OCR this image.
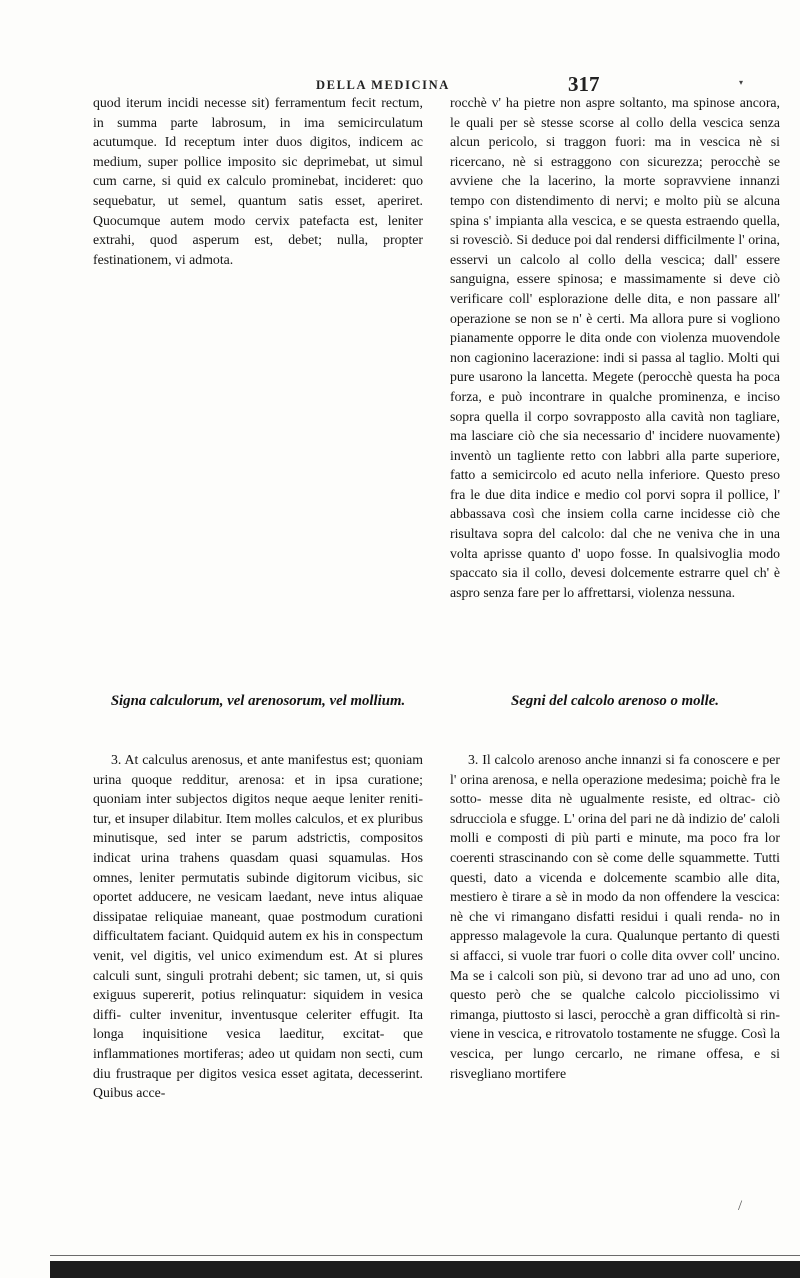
DELLA MEDICINA	317	▾

quod iterum incidi necesse sit) ferramentum fecit rectum, in summa parte labrosum, in ima semicirculatum acutumque. Id receptum inter duos digitos, indicem ac medium, super pollice imposito sic deprimebat, ut simul cum carne, si quid ex calculo prominebat, incideret: quo sequebatur, ut semel, quantum satis esset, aperiret. Quocumque autem modo cervix patefacta est, leniter extrahi, quod asperum est, debet; nulla, propter festinationem, vi admota.

Signa calculorum, vel arenosorum, vel mollium.

3. At calculus arenosus, et ante manifestus est; quoniam urina quoque redditur, arenosa: et in ipsa curatione; quoniam inter subjectos digitos neque aeque leniter reniti- tur, et insuper dilabitur. Item molles calculos, et ex pluribus minutisque, sed inter se parum adstrictis, compositos indicat urina trahens quasdam quasi squamulas. Hos omnes, leniter permutatis subinde digitorum vicibus, sic oportet adducere, ne vesicam laedant, neve intus aliquae dissipatae reliquiae maneant, quae postmodum curationi difficultatem faciant. Quidquid autem ex his in conspectum venit, vel digitis, vel unico eximendum est. At si plures calculi sunt, singuli protrahi debent; sic tamen, ut, si quis exiguus supererit, potius relinquatur: siquidem in vesica diffi- culter invenitur, inventusque celeriter effugit. Ita longa inquisitione vesica laeditur, excitat- que inflammationes mortiferas; adeo ut quidam non secti, cum diu frustraque per digitos vesica esset agitata, decesserint. Quibus acce-

rocchè v' ha pietre non aspre soltanto, ma spinose ancora, le quali per sè stesse scorse al collo della vescica senza alcun pericolo, si traggon fuori: ma in vescica nè si ricercano, nè si estraggono con sicurezza; perocchè se avviene che la lacerino, la morte sopravviene innanzi tempo con distendimento di nervi; e molto più se alcuna spina s' impianta alla vescica, e se questa estraendo quella, si rovesciò. Si deduce poi dal rendersi difficilmente l' orina, esservi un calcolo al collo della vescica; dall' essere sanguigna, essere spinosa; e massimamente si deve ciò verificare coll' esplorazione delle dita, e non passare all' operazione se non se n' è certi. Ma allora pure si vogliono pianamente opporre le dita onde con violenza muovendole non cagionino lacerazione: indi si passa al taglio. Molti qui pure usarono la lancetta. Megete (perocchè questa ha poca forza, e può incontrare in qualche prominenza, e inciso sopra quella il corpo sovrapposto alla cavità non tagliare, ma lasciare ciò che sia necessario d' incidere nuovamente) inventò un tagliente retto con labbri alla parte superiore, fatto a semicircolo ed acuto nella inferiore. Questo preso fra le due dita indice e medio col porvi sopra il pollice, l' abbassava così che insiem colla carne incidesse ciò che risultava sopra del calcolo: dal che ne veniva che in una volta aprisse quanto d' uopo fosse. In qualsivoglia modo spaccato sia il collo, devesi dolcemente estrarre quel ch' è aspro senza fare per lo affrettarsi, violenza nessuna.

Segni del calcolo arenoso o molle.

3. Il calcolo arenoso anche innanzi si fa conoscere e per l' orina arenosa, e nella operazione medesima; poichè fra le sotto- messe dita nè ugualmente resiste, ed oltrac- ciò sdrucciola e sfugge. L' orina del pari ne dà indizio de' caloli molli e composti di più parti e minute, ma poco fra lor coerenti strascinando con sè come delle squammette. Tutti questi, dato a vicenda e dolcemente scambio alle dita, mestiero è tirare a sè in modo da non offendere la vescica: nè che vi rimangano disfatti residui i quali renda- no in appresso malagevole la cura. Qualunque pertanto di questi si affacci, si vuole trar fuori o colle dita ovver coll' uncino. Ma se i calcoli son più, si devono trar ad uno ad uno, con questo però che se qualche calcolo picciolissimo vi rimanga, piuttosto si lasci, perocchè a gran difficoltà si rin- viene in vescica, e ritrovatolo tostamente ne sfugge. Così la vescica, per lungo cercarlo, ne rimane offesa, e si risvegliano mortifere

/
